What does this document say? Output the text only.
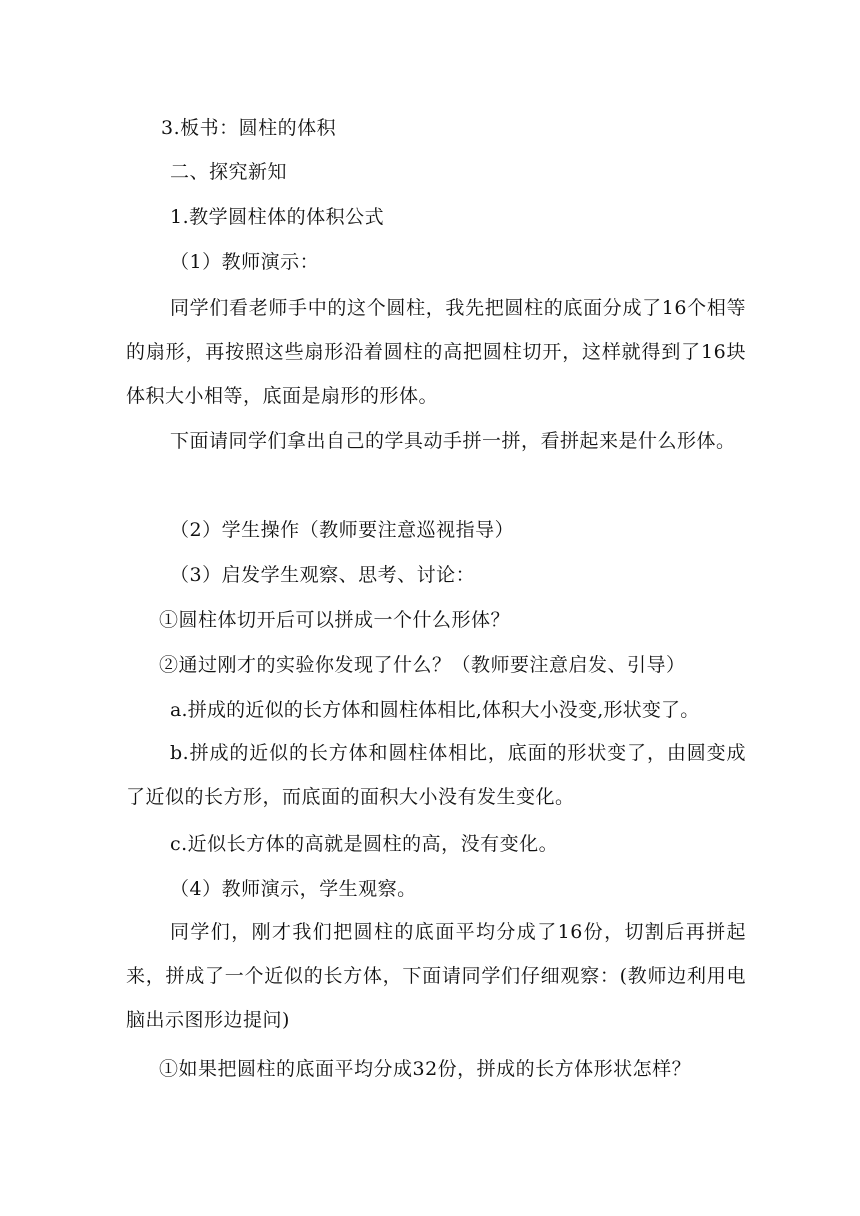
3.板书：圆柱的体积
二、探究新知
1.教学圆柱体的体积公式
（1）教师演示：
同学们看老师手中的这个圆柱，我先把圆柱的底面分成了16个相等的扇形，再按照这些扇形沿着圆柱的高把圆柱切开，这样就得到了16块体积大小相等，底面是扇形的形体。
下面请同学们拿出自己的学具动手拼一拼，看拼起来是什么形体。
（2）学生操作（教师要注意巡视指导）
（3）启发学生观察、思考、讨论：
①圆柱体切开后可以拼成一个什么形体？
②通过刚才的实验你发现了什么？（教师要注意启发、引导）
a.拼成的近似的长方体和圆柱体相比,体积大小没变,形状变了。
b.拼成的近似的长方体和圆柱体相比，底面的形状变了，由圆变成了近似的长方形，而底面的面积大小没有发生变化。
c.近似长方体的高就是圆柱的高，没有变化。
（4）教师演示，学生观察。
同学们，刚才我们把圆柱的底面平均分成了16份，切割后再拼起来，拼成了一个近似的长方体，下面请同学们仔细观察：(教师边利用电脑出示图形边提问)
①如果把圆柱的底面平均分成32份，拼成的长方体形状怎样？
